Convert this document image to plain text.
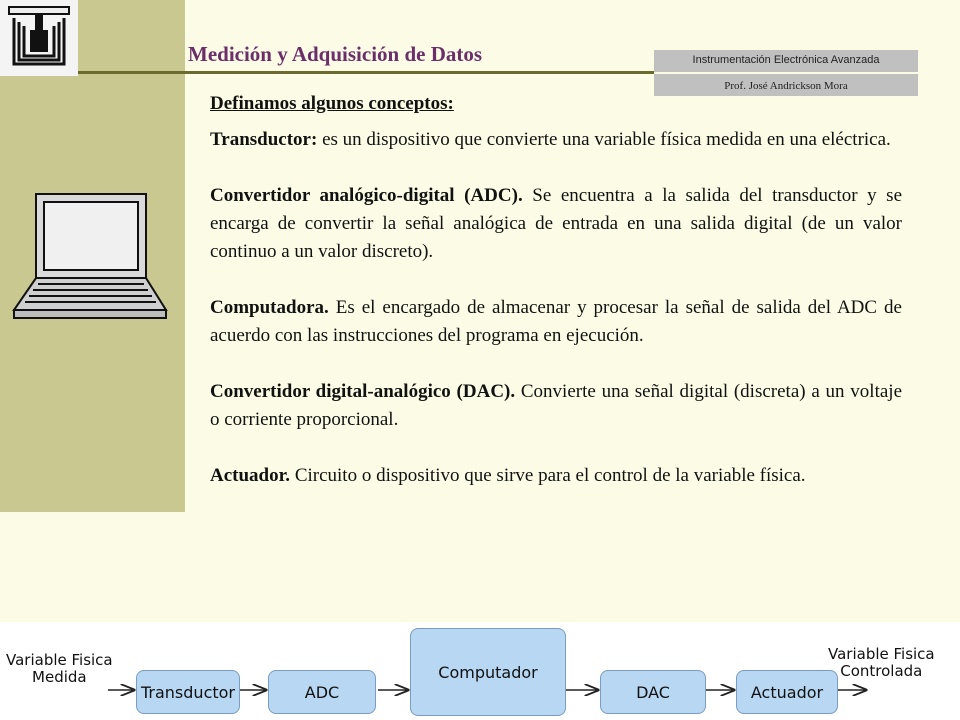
Medición y Adquisición de Datos	Instrumentación Electrónica Avanzada
Prof. José Andrickson Mora
Definamos algunos conceptos:

Transductor: es un dispositivo que convierte una variable física medida en una eléctrica.

Convertidor analógico-digital (ADC). Se encuentra a la salida del transductor y se encarga de convertir la señal analógica de entrada en una salida digital (de un valor continuo a un valor discreto).

Computadora. Es el encargado de almacenar y procesar la señal de salida del ADC de acuerdo con las instrucciones del programa en ejecución.

Convertidor digital-analógico (DAC). Convierte una señal digital (discreta) a un voltaje o corriente proporcional.

Actuador. Circuito o dispositivo que sirve para el control de la variable física.

Variable Fisica
Medida
Transductor	ADC
Computador
DAC	Actuador
Variable Fisica
Controlada
